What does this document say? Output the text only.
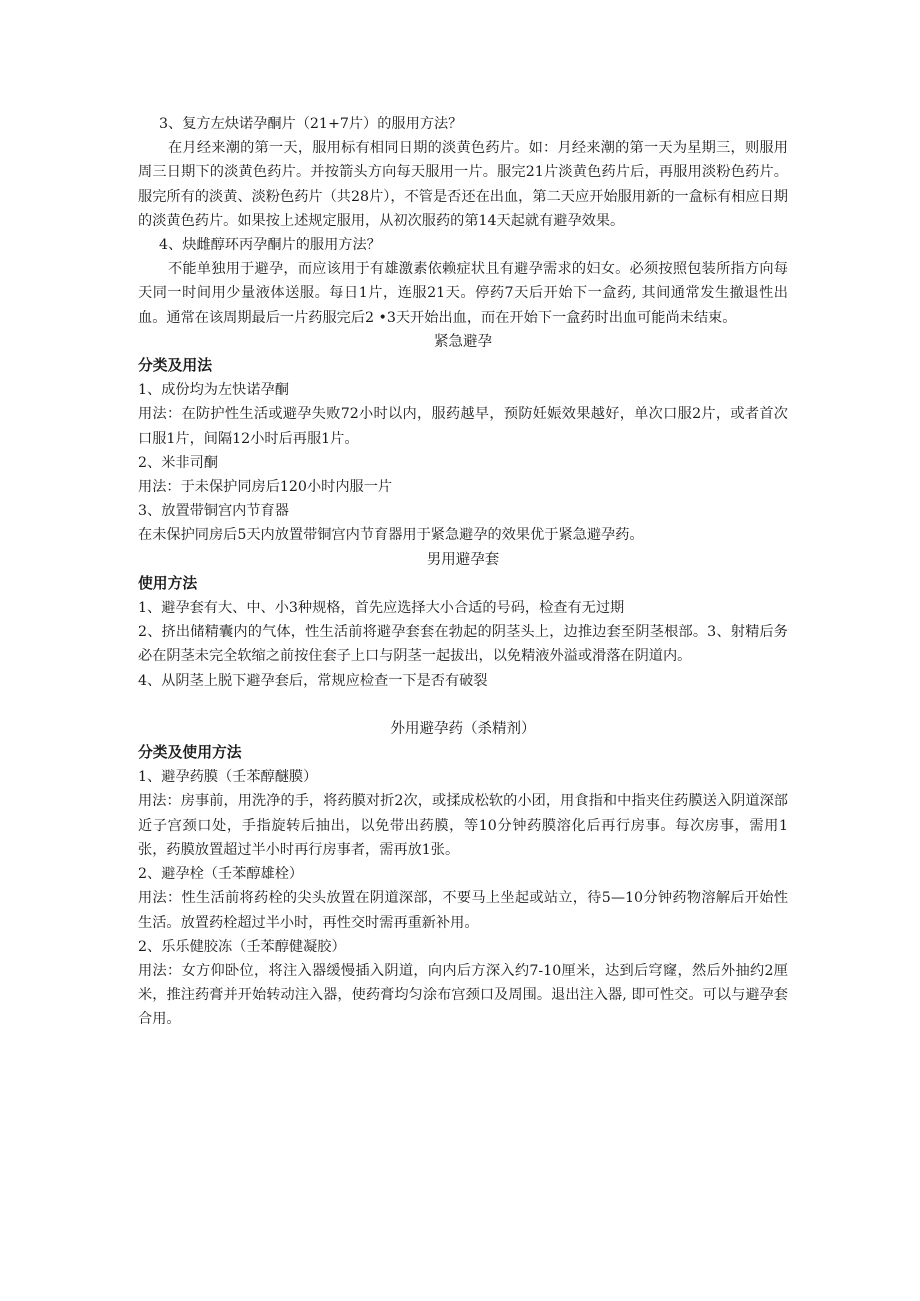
3、复方左炔诺孕酮片（21+7片）的服用方法？

在月经来潮的第一天，服用标有相同日期的淡黄色药片。如：月经来潮的第一天为星期三，则服用周三日期下的淡黄色药片。并按箭头方向每天服用一片。服完21片淡黄色药片后，再服用淡粉色药片。服完所有的淡黄、淡粉色药片（共28片），不管是否还在出血，第二天应开始服用新的一盒标有相应日期的淡黄色药片。如果按上述规定服用，从初次服药的第14天起就有避孕效果。

4、炔雌醇环丙孕酮片的服用方法？

不能单独用于避孕，而应该用于有雄激素依赖症状且有避孕需求的妇女。必须按照包装所指方向每天同一时间用少量液体送服。每日1片，连服21天。停药7天后开始下一盒药, 其间通常发生撤退性出血。通常在该周期最后一片药服完后2 •3天开始出血，而在开始下一盒药时出血可能尚未结束。

紧急避孕

分类及用法

1、成份均为左快诺孕酮

用法：在防护性生活或避孕失败72小时以内，服药越早，预防妊娠效果越好，单次口服2片，或者首次口服1片，间隔12小时后再服1片。

2、米非司酮

用法：于未保护同房后120小时内服一片

3、放置带铜宫内节育器

在未保护同房后5天内放置带铜宫内节育器用于紧急避孕的效果优于紧急避孕药。

男用避孕套

使用方法

1、避孕套有大、中、小3种规格，首先应选择大小合适的号码，检查有无过期

2、挤出储精囊内的气体，性生活前将避孕套套在勃起的阴茎头上，边推边套至阴茎根部。3、射精后务必在阴茎未完全软缩之前按住套子上口与阴茎一起拔出，以免精液外溢或滑落在阴道内。

4、从阴茎上脱下避孕套后，常规应检查一下是否有破裂

外用避孕药（杀精剂）

分类及使用方法

1、避孕药膜（壬苯醇醚膜）

用法：房事前，用洗净的手，将药膜对折2次，或揉成松软的小团，用食指和中指夹住药膜送入阴道深部近子宫颈口处，手指旋转后抽出，以免带出药膜，等10分钟药膜溶化后再行房事。每次房事，需用1张，药膜放置超过半小时再行房事者，需再放1张。

2、避孕栓（壬苯醇雄栓）

用法：性生活前将药栓的尖头放置在阴道深部，不要马上坐起或站立，待5—10分钟药物溶解后开始性生活。放置药栓超过半小时，再性交时需再重新补用。

2、乐乐健胶冻（壬苯醇健凝胶）

用法：女方仰卧位，将注入器缓慢插入阴道，向内后方深入约7-10厘米，达到后穹窿，然后外抽约2厘米，推注药膏并开始转动注入器，使药膏均匀涂布宫颈口及周围。退出注入器, 即可性交。可以与避孕套合用。
